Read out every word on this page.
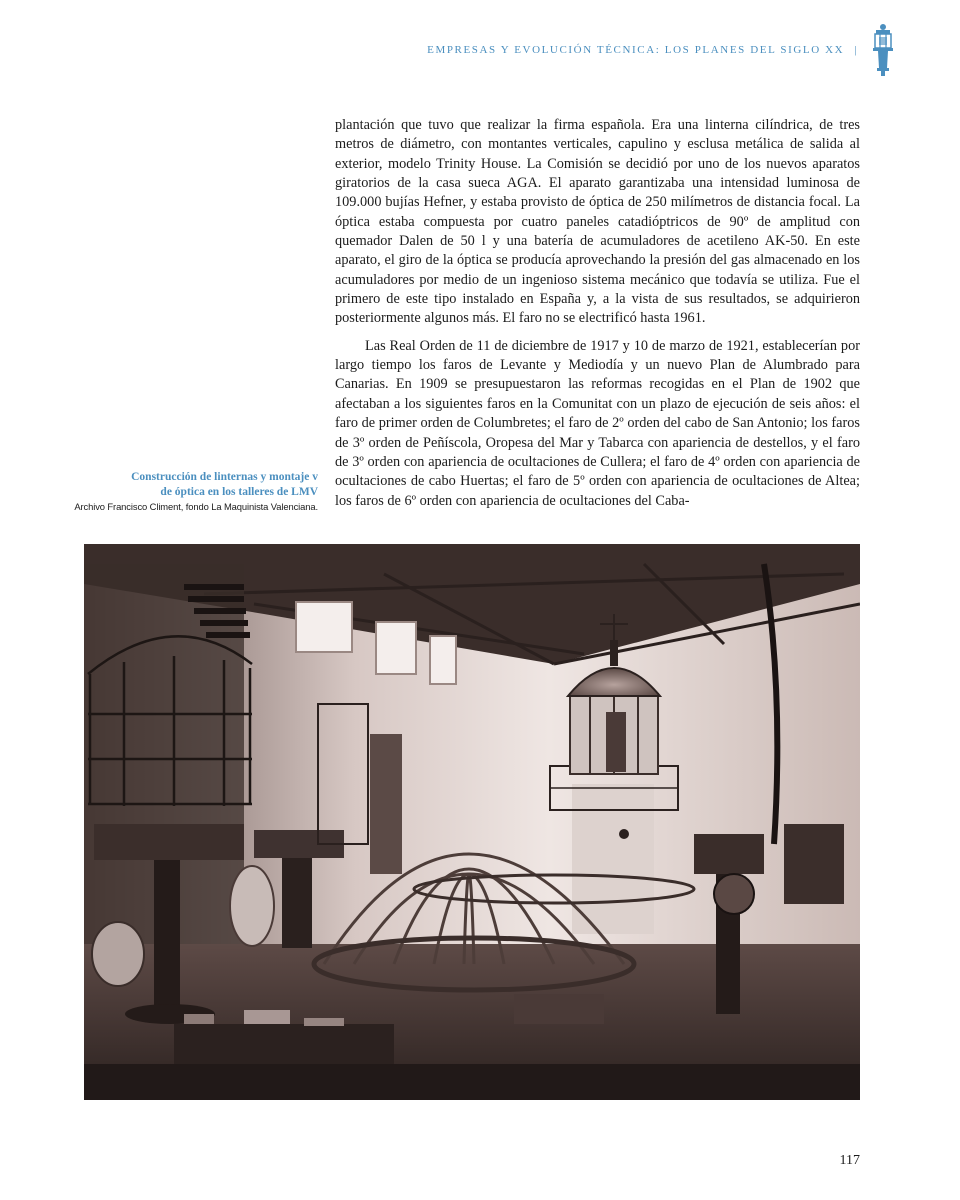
EMPRESAS Y EVOLUCIÓN TÉCNICA: LOS PLANES DEL SIGLO XX |

plantación que tuvo que realizar la firma española. Era una linterna cilíndrica, de tres metros de diámetro, con montantes verticales, capulino y esclusa metálica de salida al exterior, modelo Trinity House. La Comisión se decidió por uno de los nuevos aparatos giratorios de la casa sueca AGA. El aparato garantizaba una intensidad luminosa de 109.000 bujías Hefner, y estaba provisto de óptica de 250 milímetros de distancia focal. La óptica estaba compuesta por cuatro paneles catadióptricos de 90º de amplitud con quemador Dalen de 50 l y una batería de acumuladores de acetileno AK-50. En este aparato, el giro de la óptica se producía aprovechando la presión del gas almacenado en los acumuladores por medio de un ingenioso sistema mecánico que todavía se utiliza. Fue el primero de este tipo instalado en España y, a la vista de sus resultados, se adquirieron posteriormente algunos más. El faro no se electrificó hasta 1961.

Las Real Orden de 11 de diciembre de 1917 y 10 de marzo de 1921, establecerían por largo tiempo los faros de Levante y Mediodía y un nuevo Plan de Alumbrado para Canarias. En 1909 se presupuestaron las reformas recogidas en el Plan de 1902 que afectaban a los siguientes faros en la Comunitat con un plazo de ejecución de seis años: el faro de primer orden de Columbretes; el faro de 2º orden del cabo de San Antonio; los faros de 3º orden de Peñíscola, Oropesa del Mar y Tabarca con apariencia de destellos, y el faro de 3º orden con apariencia de ocultaciones de Cullera; el faro de 4º orden con apariencia de ocultaciones de cabo Huertas; el faro de 5º orden con apariencia de ocultaciones de Altea; los faros de 6º orden con apariencia de ocultaciones del Caba-

Construcción de linternas y montaje v
de óptica en los talleres de LMV
Archivo Francisco Climent, fondo La Maquinista Valenciana.
117
